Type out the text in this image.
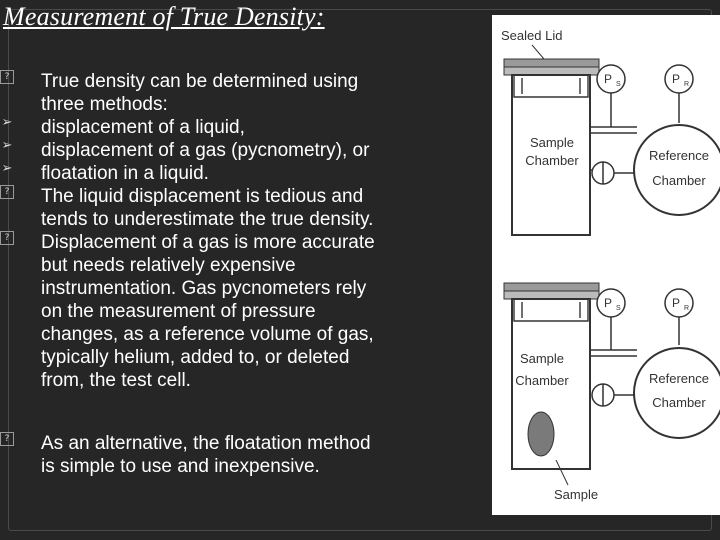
Measurement of True Density:
? True density can be determined using
three methods:
➢ displacement of a liquid,
➢ displacement of a gas (pycnometry), or
➢ floatation in a liquid.
? The liquid displacement is tedious and
tends to underestimate the true density.
? Displacement of a gas is more accurate
but needs relatively expensive
instrumentation. Gas pycnometers rely
on the measurement of pressure
changes, as a reference volume of gas,
typically helium, added to, or deleted
from, the test cell.
? As an alternative, the floatation method
is simple to use and inexpensive.
Sealed Lid
Sample
Chamber
P S	P R
Reference
Chamber
Sample
Chamber
Sample
P S	P R
Reference
Chamber
